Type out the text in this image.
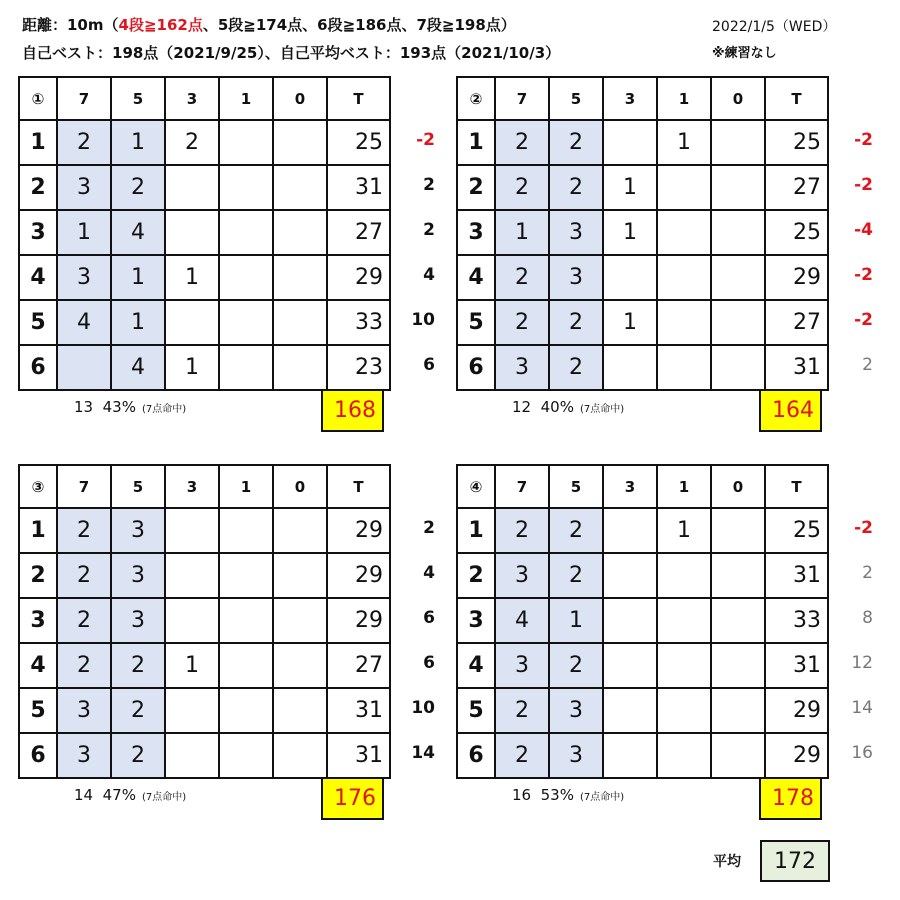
距離：10m（4段≧162点、5段≧174点、6段≧186点、7段≧198点）
自己ベスト：198点（2021/9/25）、自己平均ベスト：193点（2021/10/3）
2022/1/5（WED）
※練習なし
-2
2
2
4
10
6
①	7	5	3	1	0	T
1	2	1	2			25
2	3	2				31
3	1	4				27
4	3	1	1			29
5	4	1				33
6		4	1			23
13 43% (7点命中)	168
-2
-2
-4
-2
-2
2
②	7	5	3	1	0	T
1	2	2		1		25
2	2	2	1			27
3	1	3	1			25
4	2	3				29
5	2	2	1			27
6	3	2				31
12 40% (7点命中)	164
2
4
6
6
10
14
③	7	5	3	1	0	T
1	2	3				29
2	2	3				29
3	2	3				29
4	2	2	1			27
5	3	2				31
6	3	2				31
14 47% (7点命中)	176
-2
2
8
12
14
16
④	7	5	3	1	0	T
1	2	2		1		25
2	3	2				31
3	4	1				33
4	3	2				31
5	2	3				29
6	2	3				29
16 53% (7点命中)	178
平均	172
